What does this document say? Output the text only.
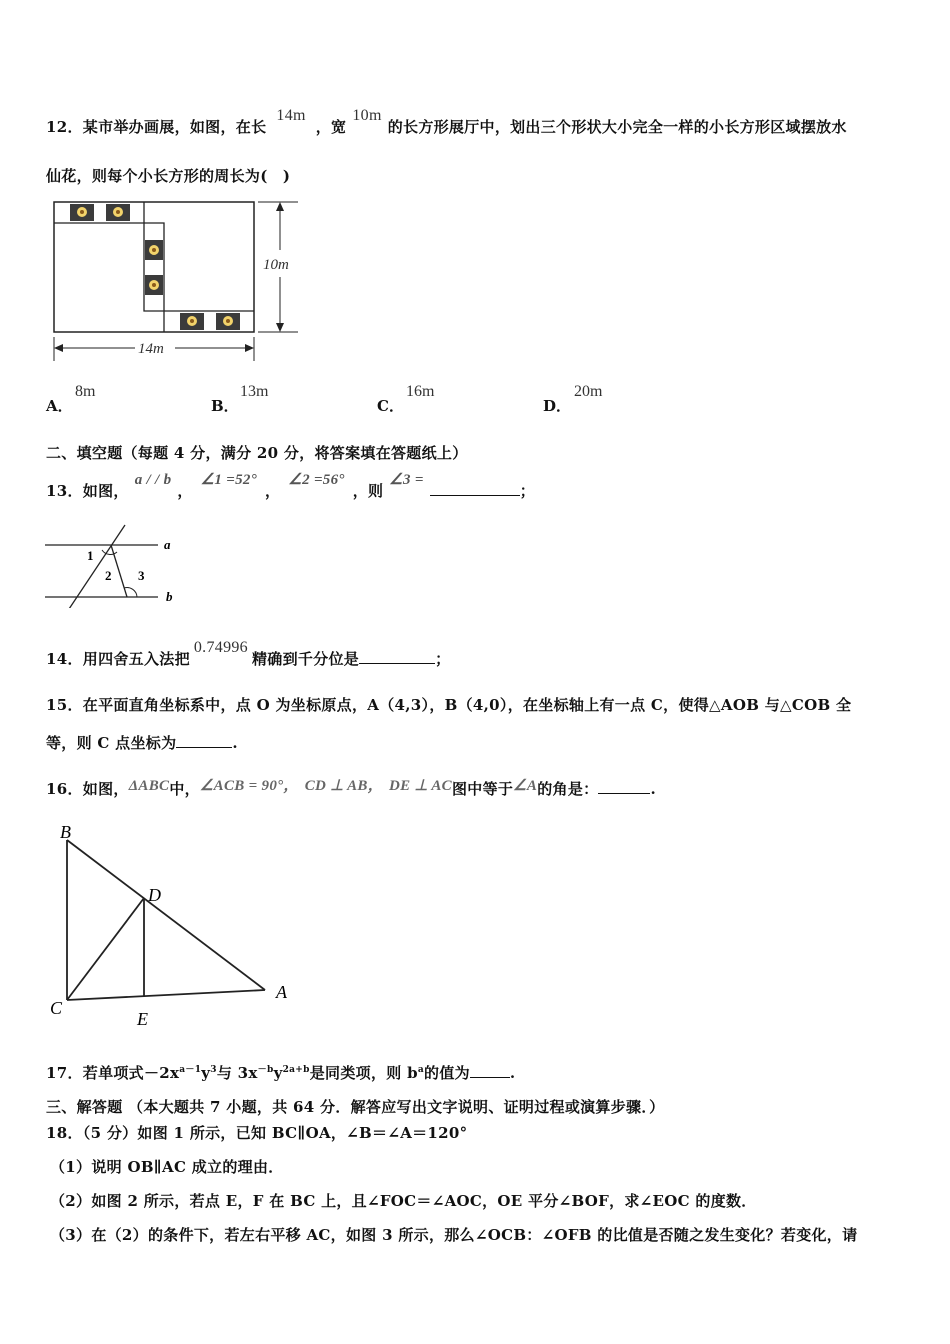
12．某市举办画展，如图，在长14m，宽10m的长方形展厅中，划出三个形状大小完全一样的小长方形区域摆放水
仙花，则每个小长方形的周长为(　)
10m
14m
A．
8m
B．
13m
C．
16m
D．
20m
二、填空题（每题 4 分，满分 20 分，将答案填在答题纸上）
13．如图，a / / b，∠1 =52°，∠2 =56°，则∠3 =；
1
2 3
a
b
14．用四舍五入法把0.74996精确到千分位是	；
15．在平面直角坐标系中，点 O 为坐标原点，A（4,3），B（4,0），在坐标轴上有一点 C，使得△AOB 与△COB 全
等，则 C 点坐标为	.
16．如图，ΔABC中，∠ACB = 90°， CD ⊥ AB， DE ⊥ AC图中等于∠A的角是：	.
B
D
C
E
A
17．若单项式$-2x^{a-1}y^3$与 $3x^{-b}y^{2a+b}$是同类项，则 $b^a$的值为	.
三、解答题 （本大题共 7 小题，共 64 分．解答应写出文字说明、证明过程或演算步骤．）
18．（5 分）如图 1 所示，已知 BC∥OA，∠B＝∠A＝120°
（1）说明 OB∥AC 成立的理由．
（2）如图 2 所示，若点 E，F 在 BC 上，且∠FOC＝∠AOC，OE 平分∠BOF，求∠EOC 的度数．
（3）在（2）的条件下，若左右平移 AC，如图 3 所示，那么∠OCB：∠OFB 的比值是否随之发生变化？若变化，请
